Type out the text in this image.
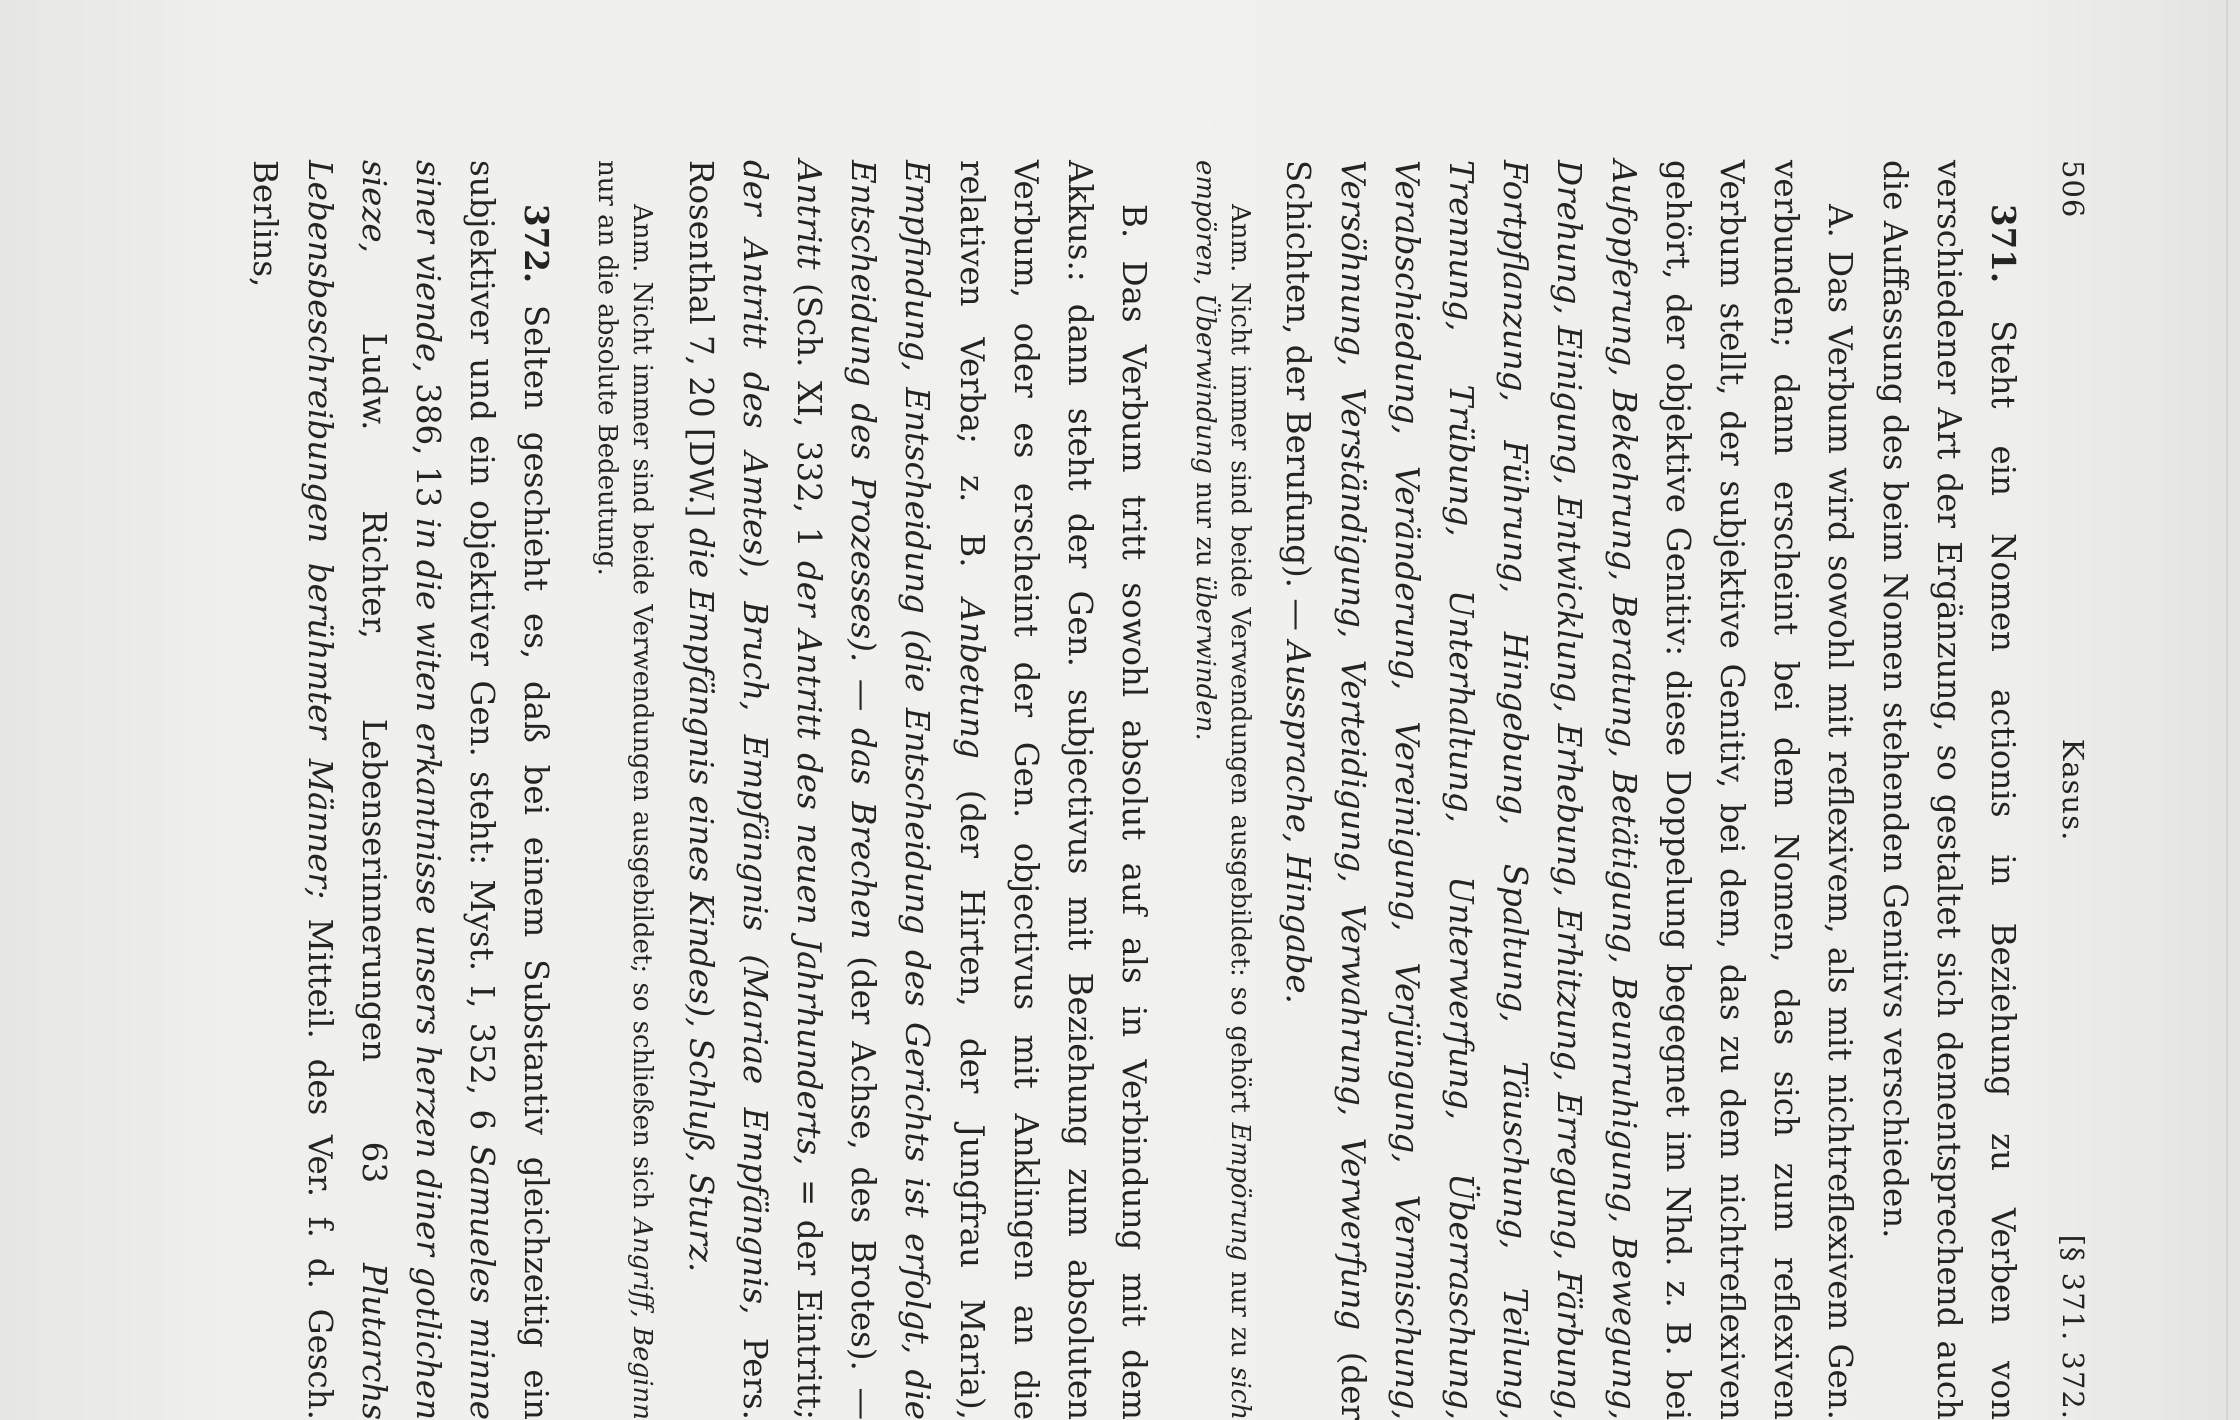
506
Kasus.
[§ 371. 372.

371. Steht ein Nomen actionis in Beziehung zu Verben von verschiedener Art der Ergänzung, so gestaltet sich dementsprechend auch die Auffassung des beim Nomen stehenden Genitivs verschieden.

A. Das Verbum wird sowohl mit reflexivem, als mit nichtreflexivem Gen. verbunden; dann erscheint bei dem Nomen, das sich zum reflexiven Verbum stellt, der subjektive Genitiv, bei dem, das zu dem nichtreflexiven gehört, der objektive Genitiv: diese Doppelung begegnet im Nhd. z. B. bei Aufopferung, Bekehrung, Beratung, Betätigung, Beunruhigung, Bewegung, Drehung, Einigung, Entwicklung, Erhebung, Erhitzung, Erregung, Färbung, Fortpflanzung, Führung, Hingebung, Spaltung, Täuschung, Teilung, Trennung, Trübung, Unterhaltung, Unterwerfung, Überraschung, Verabschiedung, Veränderung, Vereinigung, Verjüngung, Vermischung, Versöhnung, Verständigung, Verteidigung, Verwahrung, Verwerfung (der Schichten, der Berufung). — Aussprache, Hingabe.

Anm. Nicht immer sind beide Verwendungen ausgebildet: so gehört Empörung nur zu sich empören, Überwindung nur zu überwinden.

B. Das Verbum tritt sowohl absolut auf als in Verbindung mit dem Akkus.: dann steht der Gen. subjectivus mit Beziehung zum absoluten Verbum, oder es erscheint der Gen. objectivus mit Anklingen an die relativen Verba; z. B. Anbetung (der Hirten, der Jungfrau Maria), Empfindung, Entscheidung (die Entscheidung des Gerichts ist erfolgt, die Entscheidung des Prozesses). — das Brechen (der Achse, des Brotes). — Antritt (Sch. XI, 332, 1 der Antritt des neuen Jahrhunderts, = der Eintritt; der Antritt des Amtes), Bruch, Empfängnis (Mariae Empfängnis, Pers. Rosenthal 7, 20 [DW.] die Empfängnis eines Kindes), Schluß, Sturz.

Anm. Nicht immer sind beide Verwendungen ausgebildet; so schließen sich Angriff, Beginn nur an die absolute Bedeutung.

372. Selten geschieht es, daß bei einem Substantiv gleichzeitig ein subjektiver und ein objektiver Gen. steht: Myst. I, 352, 6 Samueles minne siner viende, 386, 13 in die witen erkantnisse unsers herzen diner gotlichen sieze, Ludw. Richter, Lebenserinnerungen 63 Plutarchs Lebensbeschreibungen berühmter Männer; Mitteil. des Ver. f. d. Gesch. Berlins,
